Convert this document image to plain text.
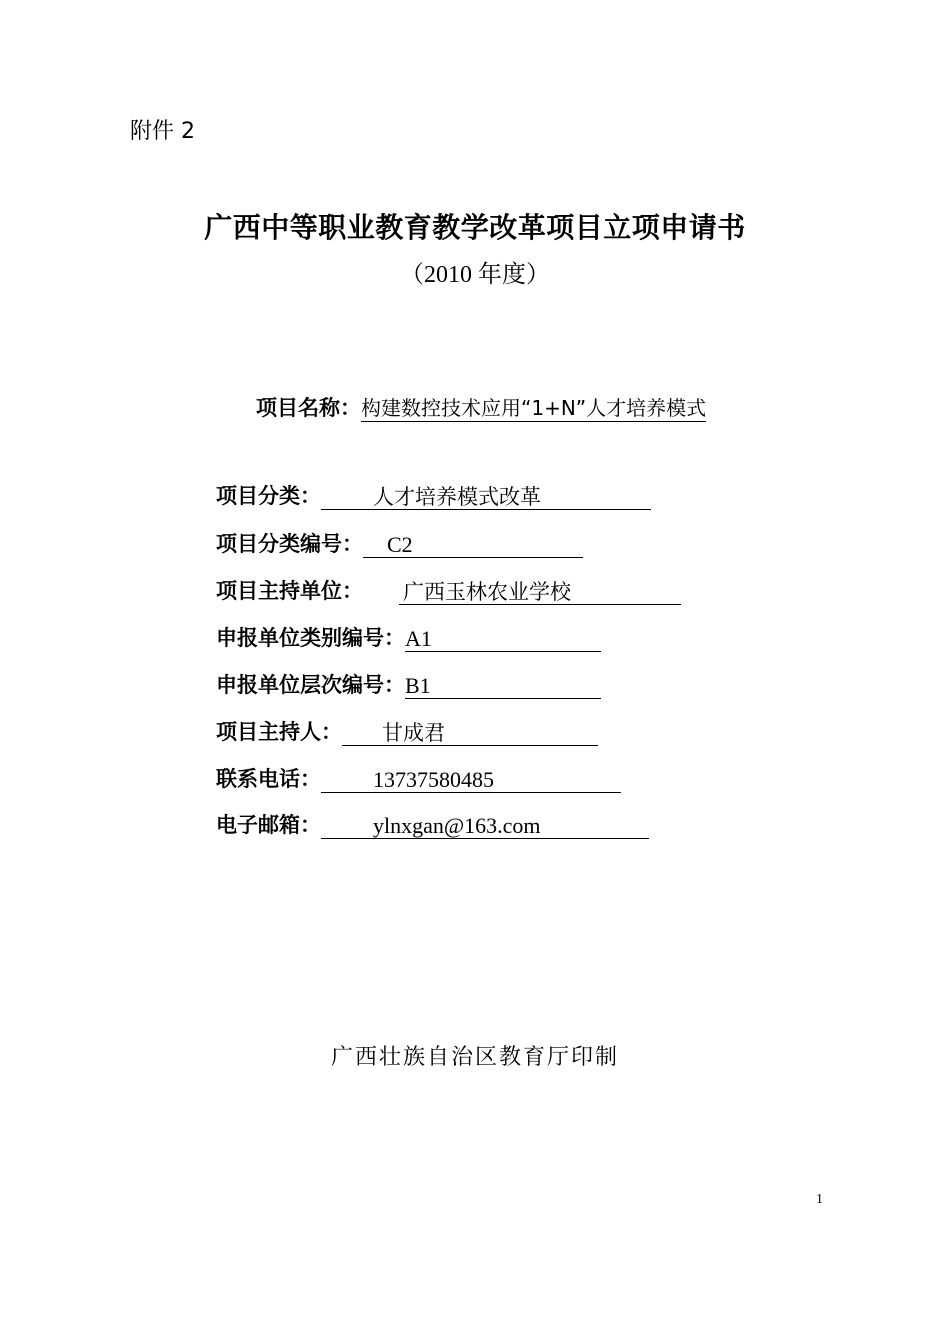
附件 2
广西中等职业教育教学改革项目立项申请书
（2010 年度）
项目名称：构建数控技术应用“1+N”人才培养模式
项目分类：	人才培养模式改革
项目分类编号：	C2
项目主持单位： 广西玉林农业学校
申报单位类别编号： A1
申报单位层次编号： B1
项目主持人：	甘成君
联系电话：	13737580485
电子邮箱：	ylnxgan@163.com
广西壮族自治区教育厅印制
1
